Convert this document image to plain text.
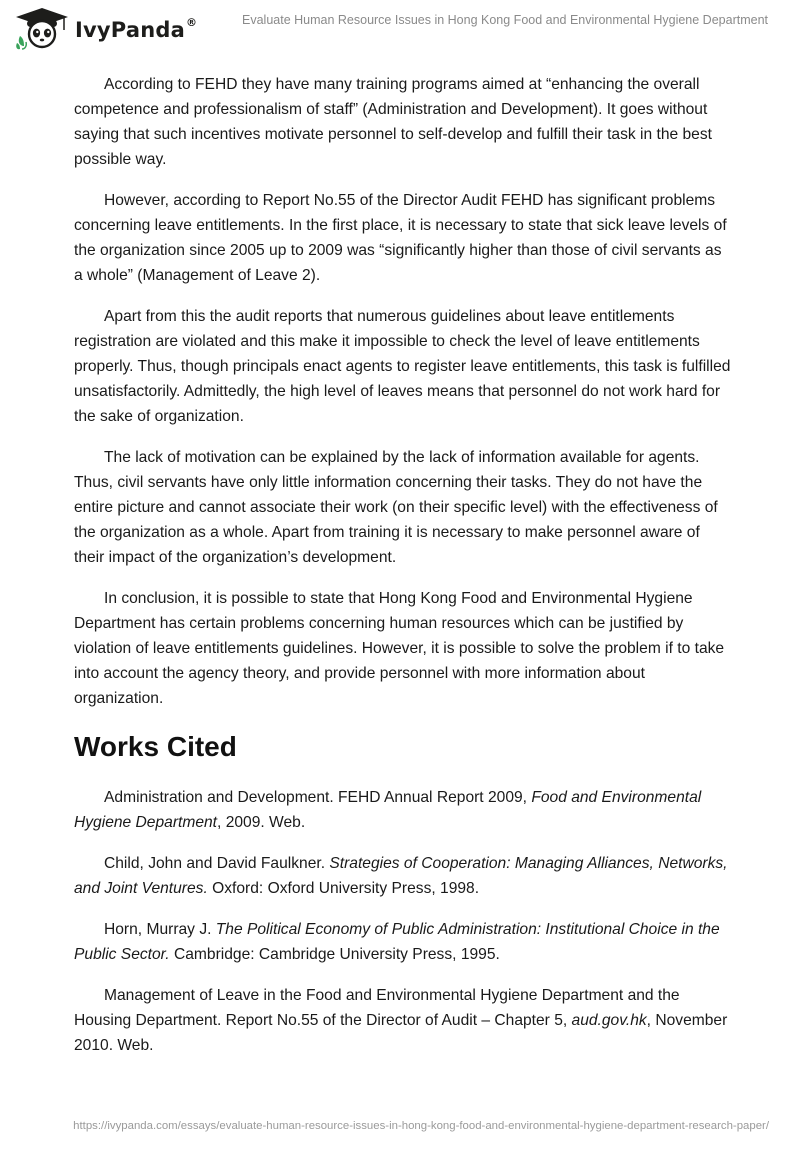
IvyPanda®	Evaluate Human Resource Issues in Hong Kong Food and Environmental Hygiene Department

According to FEHD they have many training programs aimed at “enhancing the overall competence and professionalism of staff” (Administration and Development). It goes without saying that such incentives motivate personnel to self-develop and fulfill their task in the best possible way.

However, according to Report No.55 of the Director Audit FEHD has significant problems concerning leave entitlements. In the first place, it is necessary to state that sick leave levels of the organization since 2005 up to 2009 was “significantly higher than those of civil servants as a whole” (Management of Leave 2).

Apart from this the audit reports that numerous guidelines about leave entitlements registration are violated and this make it impossible to check the level of leave entitlements properly. Thus, though principals enact agents to register leave entitlements, this task is fulfilled unsatisfactorily. Admittedly, the high level of leaves means that personnel do not work hard for the sake of organization.

The lack of motivation can be explained by the lack of information available for agents. Thus, civil servants have only little information concerning their tasks. They do not have the entire picture and cannot associate their work (on their specific level) with the effectiveness of the organization as a whole. Apart from training it is necessary to make personnel aware of their impact of the organization’s development.

In conclusion, it is possible to state that Hong Kong Food and Environmental Hygiene Department has certain problems concerning human resources which can be justified by violation of leave entitlements guidelines. However, it is possible to solve the problem if to take into account the agency theory, and provide personnel with more information about organization.

Works Cited

Administration and Development. FEHD Annual Report 2009, Food and Environmental Hygiene Department, 2009. Web.

Child, John and David Faulkner. Strategies of Cooperation: Managing Alliances, Networks, and Joint Ventures. Oxford: Oxford University Press, 1998.

Horn, Murray J. The Political Economy of Public Administration: Institutional Choice in the Public Sector. Cambridge: Cambridge University Press, 1995.

Management of Leave in the Food and Environmental Hygiene Department and the Housing Department. Report No.55 of the Director of Audit – Chapter 5, aud.gov.hk, November 2010. Web.

https://ivypanda.com/essays/evaluate-human-resource-issues-in-hong-kong-food-and-environmental-hygiene-department-research-paper/
